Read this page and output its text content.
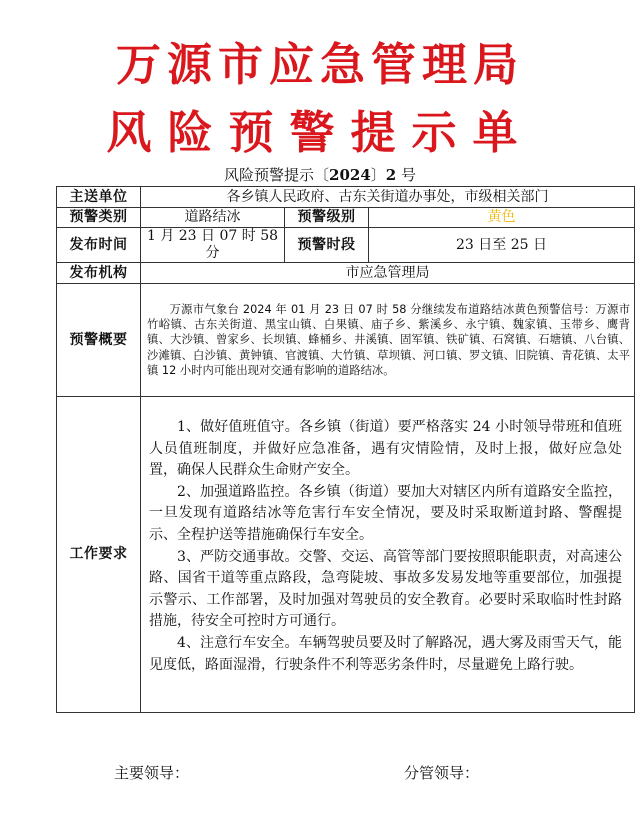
万源市应急管理局
风险预警提示单
风险预警提示〔2024〕2 号
主送单位	各乡镇人民政府、古东关街道办事处，市级相关部门		
预警类别	道路结冰	预警级别	黄色
发布时间	1 月 23 日 07 时 58 分	预警时段	23 日至 25 日
发布机构	市应急管理局		
预警概要	万源市气象台 2024 年 01 月 23 日 07 时 58 分继续发布道路结冰黄色预警信号：万源市竹峪镇、古东关街道、黑宝山镇、白果镇、庙子乡、紫溪乡、永宁镇、魏家镇、玉带乡、鹰背镇、大沙镇、曾家乡、长坝镇、蜂桶乡、井溪镇、固军镇、铁矿镇、石窝镇、石塘镇、八台镇、沙滩镇、白沙镇、黄钟镇、官渡镇、大竹镇、草坝镇、河口镇、罗文镇、旧院镇、青花镇、太平镇 12 小时内可能出现对交通有影响的道路结冰。		
工作要求	1、做好值班值守。各乡镇（街道）要严格落实 24 小时领导带班和值班人员值班制度，并做好应急准备，遇有灾情险情，及时上报，做好应急处置，确保人民群众生命财产安全。

2、加强道路监控。各乡镇（街道）要加大对辖区内所有道路安全监控，一旦发现有道路结冰等危害行车安全情况，要及时采取断道封路、警醒提示、全程护送等措施确保行车安全。

3、严防交通事故。交警、交运、高管等部门要按照职能职责，对高速公路、国省干道等重点路段，急弯陡坡、事故多发易发地等重要部位，加强提示警示、工作部署，及时加强对驾驶员的安全教育。必要时采取临时性封路措施，待安全可控时方可通行。

4、注意行车安全。车辆驾驶员要及时了解路况，遇大雾及雨雪天气，能见度低，路面湿滑，行驶条件不利等恶劣条件时，尽量避免上路行驶。		

主要领导：	分管领导：
